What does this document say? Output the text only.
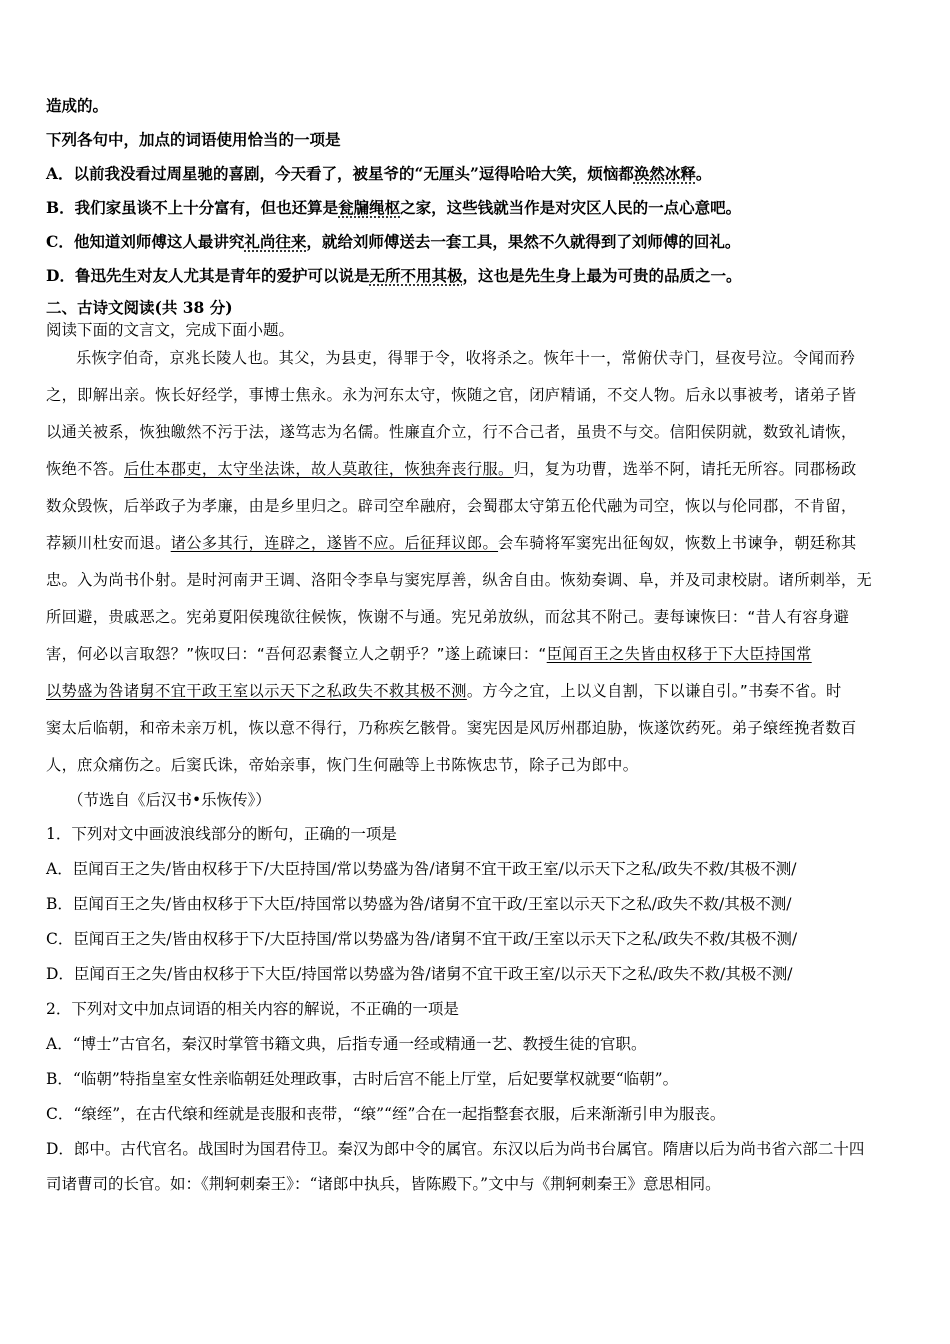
造成的。
下列各句中，加点的词语使用恰当的一项是
A．以前我没看过周星驰的喜剧，今天看了，被星爷的“无厘头”逗得哈哈大笑，烦恼都涣然冰释。
B．我们家虽谈不上十分富有，但也还算是瓮牖绳枢之家，这些钱就当作是对灾区人民的一点心意吧。
C．他知道刘师傅这人最讲究礼尚往来，就给刘师傅送去一套工具，果然不久就得到了刘师傅的回礼。
D．鲁迅先生对友人尤其是青年的爱护可以说是无所不用其极，这也是先生身上最为可贵的品质之一。
二、古诗文阅读(共 38 分)
阅读下面的文言文，完成下面小题。
乐恢字伯奇，京兆长陵人也。其父，为县吏，得罪于令，收将杀之。恢年十一，常俯伏寺门，昼夜号泣。令闻而矜
之，即解出亲。恢长好经学，事博士焦永。永为河东太守，恢随之官，闭庐精诵，不交人物。后永以事被考，诸弟子皆
以通关被系，恢独皦然不污于法，遂笃志为名儒。性廉直介立，行不合己者，虽贵不与交。信阳侯阴就，数致礼请恢，
恢绝不答。后仕本郡吏，太守坐法诛，故人莫敢往，恢独奔丧行服。归，复为功曹，选举不阿，请托无所容。同郡杨政
数众毁恢，后举政子为孝廉，由是乡里归之。辟司空牟融府，会蜀郡太守第五伦代融为司空，恢以与伦同郡，不肯留，
荐颍川杜安而退。诸公多其行，连辟之，遂皆不应。后征拜议郎。会车骑将军窦宪出征匈奴，恢数上书谏争，朝廷称其
忠。入为尚书仆射。是时河南尹王调、洛阳令李阜与窦宪厚善，纵舍自由。恢劾奏调、阜，并及司隶校尉。诸所刺举，无
所回避，贵戚恶之。宪弟夏阳侯瑰欲往候恢，恢谢不与通。宪兄弟放纵，而忿其不附己。妻每谏恢曰：“昔人有容身避
害，何必以言取怨？”恢叹曰：“吾何忍素餐立人之朝乎？”遂上疏谏曰：“臣闻百王之失皆由权移于下大臣持国常
以势盛为咎诸舅不宜干政王室以示天下之私政失不救其极不测。方今之宜，上以义自割，下以谦自引。”书奏不省。时
窦太后临朝，和帝未亲万机，恢以意不得行，乃称疾乞骸骨。窦宪因是风厉州郡迫胁，恢遂饮药死。弟子缞绖挽者数百
人，庶众痛伤之。后窦氏诛，帝始亲事，恢门生何融等上书陈恢忠节，除子己为郎中。
（节选自《后汉书•乐恢传》）
1．下列对文中画波浪线部分的断句，正确的一项是
A．臣闻百王之失/皆由权移于下/大臣持国/常以势盛为咎/诸舅不宜干政王室/以示天下之私/政失不救/其极不测/
B．臣闻百王之失/皆由权移于下大臣/持国常以势盛为咎/诸舅不宜干政/王室以示天下之私/政失不救/其极不测/
C．臣闻百王之失/皆由权移于下/大臣持国/常以势盛为咎/诸舅不宜干政/王室以示天下之私/政失不救/其极不测/
D．臣闻百王之失/皆由权移于下大臣/持国常以势盛为咎/诸舅不宜干政王室/以示天下之私/政失不救/其极不测/
2．下列对文中加点词语的相关内容的解说，不正确的一项是
A．“博士”古官名，秦汉时掌管书籍文典，后指专通一经或精通一艺、教授生徒的官职。
B．“临朝”特指皇室女性亲临朝廷处理政事，古时后宫不能上厅堂，后妃要掌权就要“临朝”。
C．“缞绖”，在古代缞和绖就是丧服和丧带，“缞”“绖”合在一起指整套衣服，后来渐渐引申为服丧。
D．郎中。古代官名。战国时为国君侍卫。秦汉为郎中令的属官。东汉以后为尚书台属官。隋唐以后为尚书省六部二十四
司诸曹司的长官。如：《荆轲刺秦王》：“诸郎中执兵，皆陈殿下。”文中与《荆轲刺秦王》意思相同。
